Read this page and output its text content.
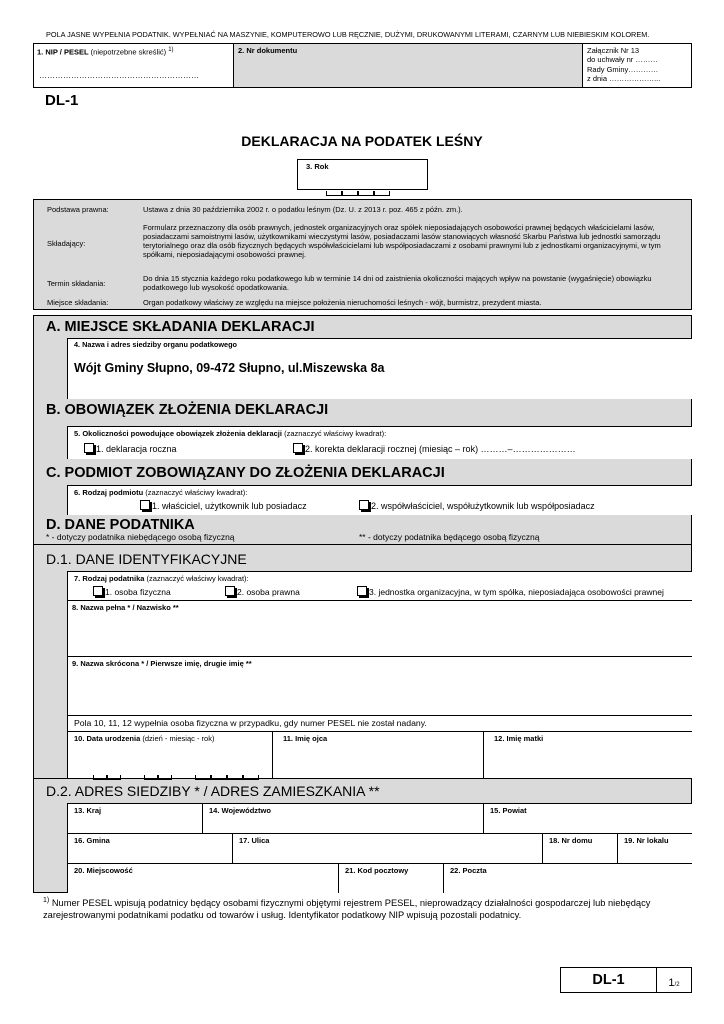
POLA JASNE WYPEŁNIA PODATNIK. WYPEŁNIAĆ NA MASZYNIE, KOMPUTEROWO LUB RĘCZNIE, DUŻYMI, DRUKOWANYMI LITERAMI, CZARNYM LUB NIEBIESKIM KOLOREM.
1. NIP / PESEL (niepotrzebne skreślić) $^{1)}$
……………………………………………………
2. Nr dokumentu	Załącznik Nr 13
do uchwały nr ………
Rady Gminy…………
z dnia ………………...
DL-1
DEKLARACJA NA PODATEK LEŚNY
3. Rok
Podstawa prawna:	Ustawa z dnia 30 października 2002 r. o podatku leśnym (Dz. U. z 2013 r. poz. 465 z późn. zm.).
Składający:
Formularz przeznaczony dla osób prawnych, jednostek organizacyjnych oraz spółek nieposiadających osobowości prawnej będących właścicielami lasów, posiadaczami samoistnymi lasów, użytkownikami wieczystymi lasów, posiadaczami lasów stanowiących własność Skarbu Państwa lub jednostki samorządu terytorialnego oraz dla osób fizycznych będących współwłaścicielami lub współposiadaczami z osobami prawnymi lub z jednostkami organizacyjnymi, w tym spółkami, nieposiadającymi osobowości prawnej.
Termin składania:
Do dnia 15 stycznia każdego roku podatkowego lub w terminie 14 dni od zaistnienia okoliczności mających wpływ na powstanie (wygaśnięcie) obowiązku podatkowego lub wysokość opodatkowania.
Miejsce składania:	Organ podatkowy właściwy ze względu na miejsce położenia nieruchomości leśnych - wójt, burmistrz, prezydent miasta.
A. MIEJSCE SKŁADANIA DEKLARACJI
4. Nazwa i adres siedziby organu podatkowego
Wójt Gminy Słupno, 09-472 Słupno, ul.Miszewska 8a
B. OBOWIĄZEK ZŁOŻENIA DEKLARACJI
5. Okoliczności powodujące obowiązek złożenia deklaracji (zaznaczyć właściwy kwadrat):
1. deklaracja roczna	2. korekta deklaracji rocznej (miesiąc – rok) ………–…………………
C. PODMIOT ZOBOWIĄZANY DO ZŁOŻENIA DEKLARACJI
6. Rodzaj podmiotu (zaznaczyć właściwy kwadrat):
1. właściciel, użytkownik lub posiadacz	2. współwłaściciel, współużytkownik lub współposiadacz
D. DANE PODATNIKA
* - dotyczy podatnika niebędącego osobą fizyczną	** - dotyczy podatnika będącego osobą fizyczną
D.1. DANE IDENTYFIKACYJNE
7. Rodzaj podatnika (zaznaczyć właściwy kwadrat):
1. osoba fizyczna	2. osoba prawna	3. jednostka organizacyjna, w tym spółka, nieposiadająca osobowości prawnej
8. Nazwa pełna * / Nazwisko **
9. Nazwa skrócona * / Pierwsze imię, drugie imię **
Pola 10, 11, 12 wypełnia osoba fizyczna w przypadku, gdy numer PESEL nie został nadany.
10. Data urodzenia (dzień - miesiąc - rok)
	11. Imię ojca	12. Imię matki
D.2. ADRES SIEDZIBY * / ADRES ZAMIESZKANIA **
13. Kraj	14. Województwo	15. Powiat
16. Gmina	17. Ulica	18. Nr domu	19. Nr lokalu
20. Miejscowość	21. Kod pocztowy	22. Poczta
$^{1)}$ Numer PESEL wpisują podatnicy będący osobami fizycznymi objętymi rejestrem PESEL, nieprowadzący działalności gospodarczej lub niebędący zarejestrowanymi podatnikami podatku od towarów i usług. Identyfikator podatkowy NIP wpisują pozostali podatnicy.
DL-1	1/2
